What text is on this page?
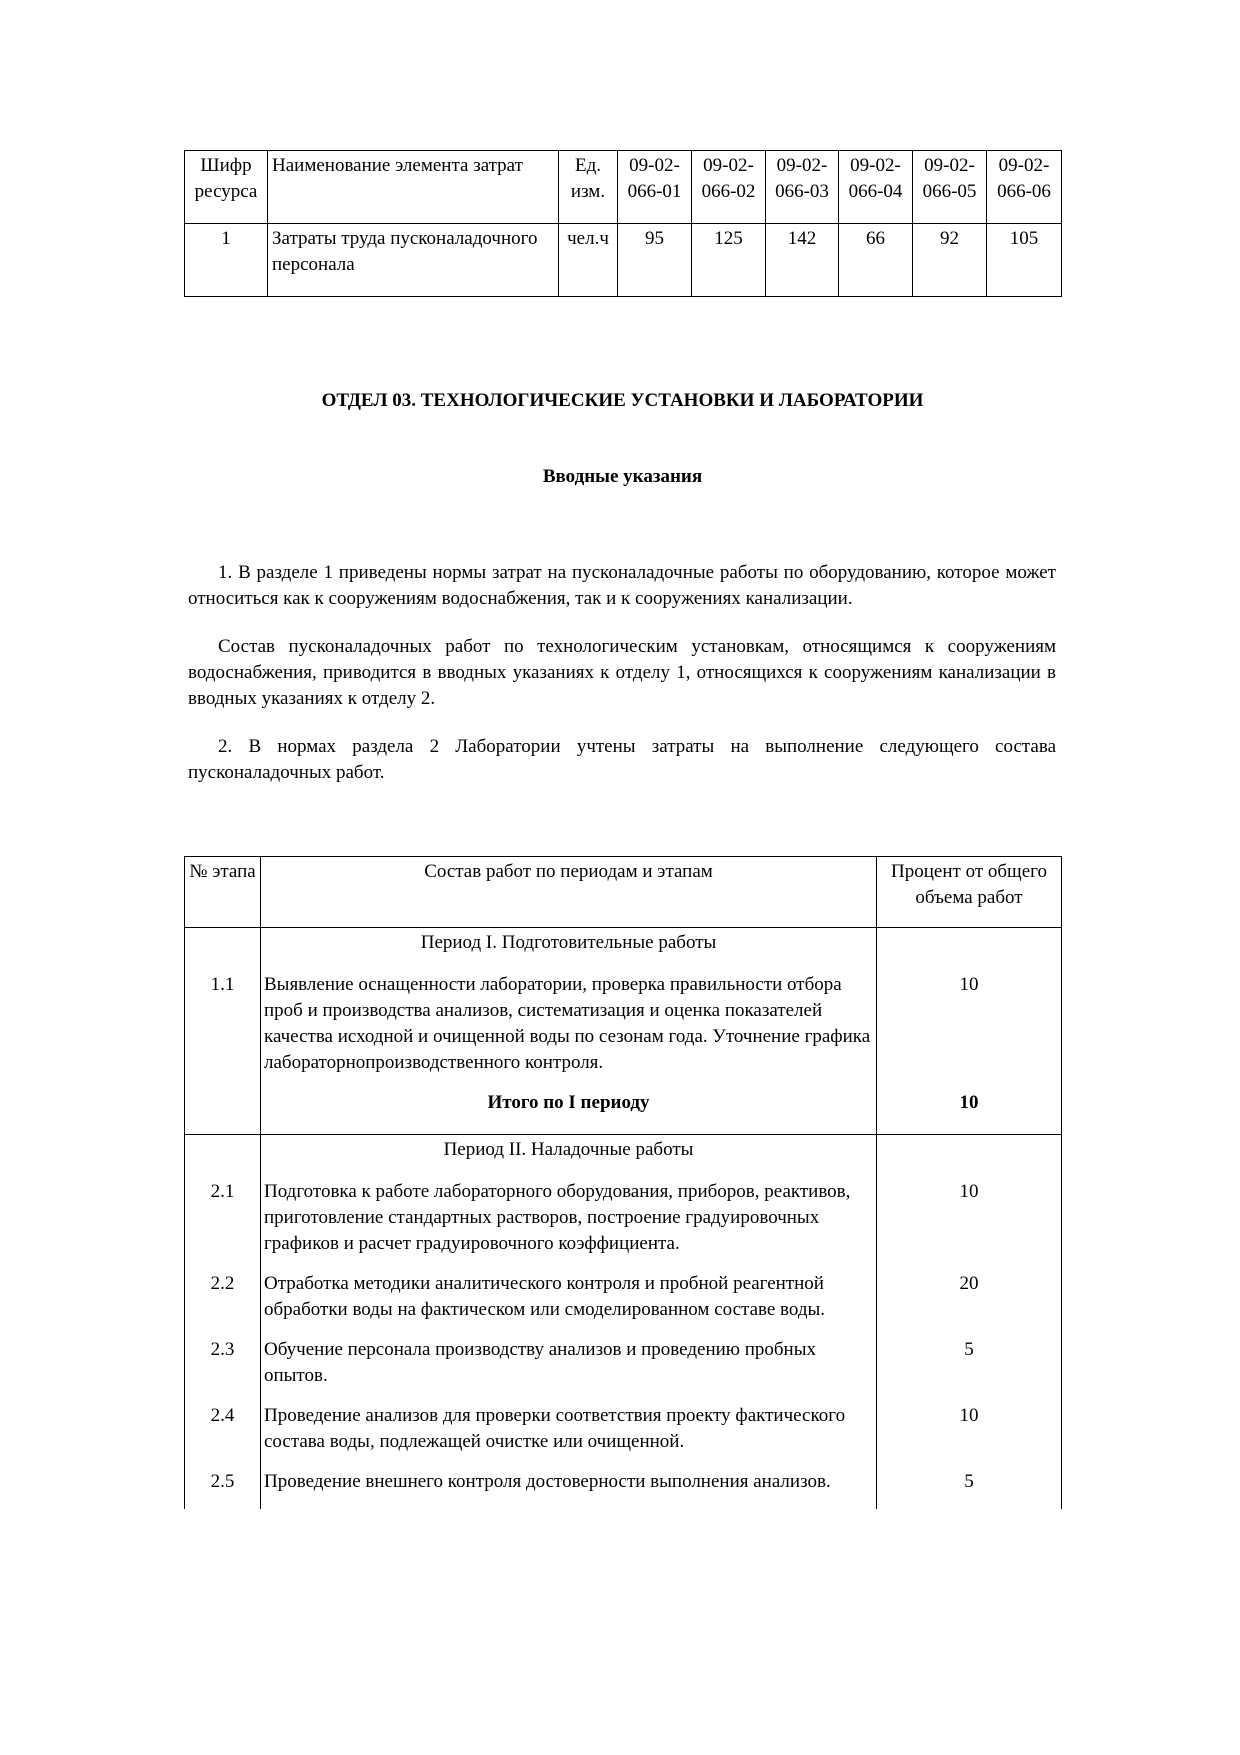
Шифр ресурса	Наименование элемента затрат	Ед. изм.	09-02-066-01	09-02-066-02	09-02-066-03	09-02-066-04	09-02-066-05	09-02-066-06
1	Затраты труда пусконаладочного персонала	чел.ч	95	125	142	66	92	105
ОТДЕЛ 03. ТЕХНОЛОГИЧЕСКИЕ УСТАНОВКИ И ЛАБОРАТОРИИ
Вводные указания
1. В разделе 1 приведены нормы затрат на пусконаладочные работы по оборудованию, которое может относиться как к сооружениям водоснабжения, так и к сооружениях канализации.
Состав пусконаладочных работ по технологическим установкам, относящимся к сооружениям водоснабжения, приводится в вводных указаниях к отделу 1, относящихся к сооружениям канализации в вводных указаниях к отделу 2.
2. В нормах раздела 2 Лаборатории учтены затраты на выполнение следующего состава пусконаладочных работ.
№ этапа	Состав работ по периодам и этапам	Процент от общего объема работ
	Период I. Подготовительные работы	
1.1	Выявление оснащенности лаборатории, проверка правильности отбора проб и производства анализов, систематизация и оценка показателей качества исходной и очищенной воды по сезонам года. Уточнение графика лабораторнопроизводственного контроля.	10
	Итого по I периоду	10
	Период II. Наладочные работы	
2.1	Подготовка к работе лабораторного оборудования, приборов, реактивов, приготовление стандартных растворов, построение градуировочных графиков и расчет градуировочного коэффициента.	10
2.2	Отработка методики аналитического контроля и пробной реагентной обработки воды на фактическом или смоделированном составе воды.	20
2.3	Обучение персонала производству анализов и проведению пробных опытов.	5
2.4	Проведение анализов для проверки соответствия проекту фактического состава воды, подлежащей очистке или очищенной.	10
2.5	Проведение внешнего контроля достоверности выполнения анализов.	5
